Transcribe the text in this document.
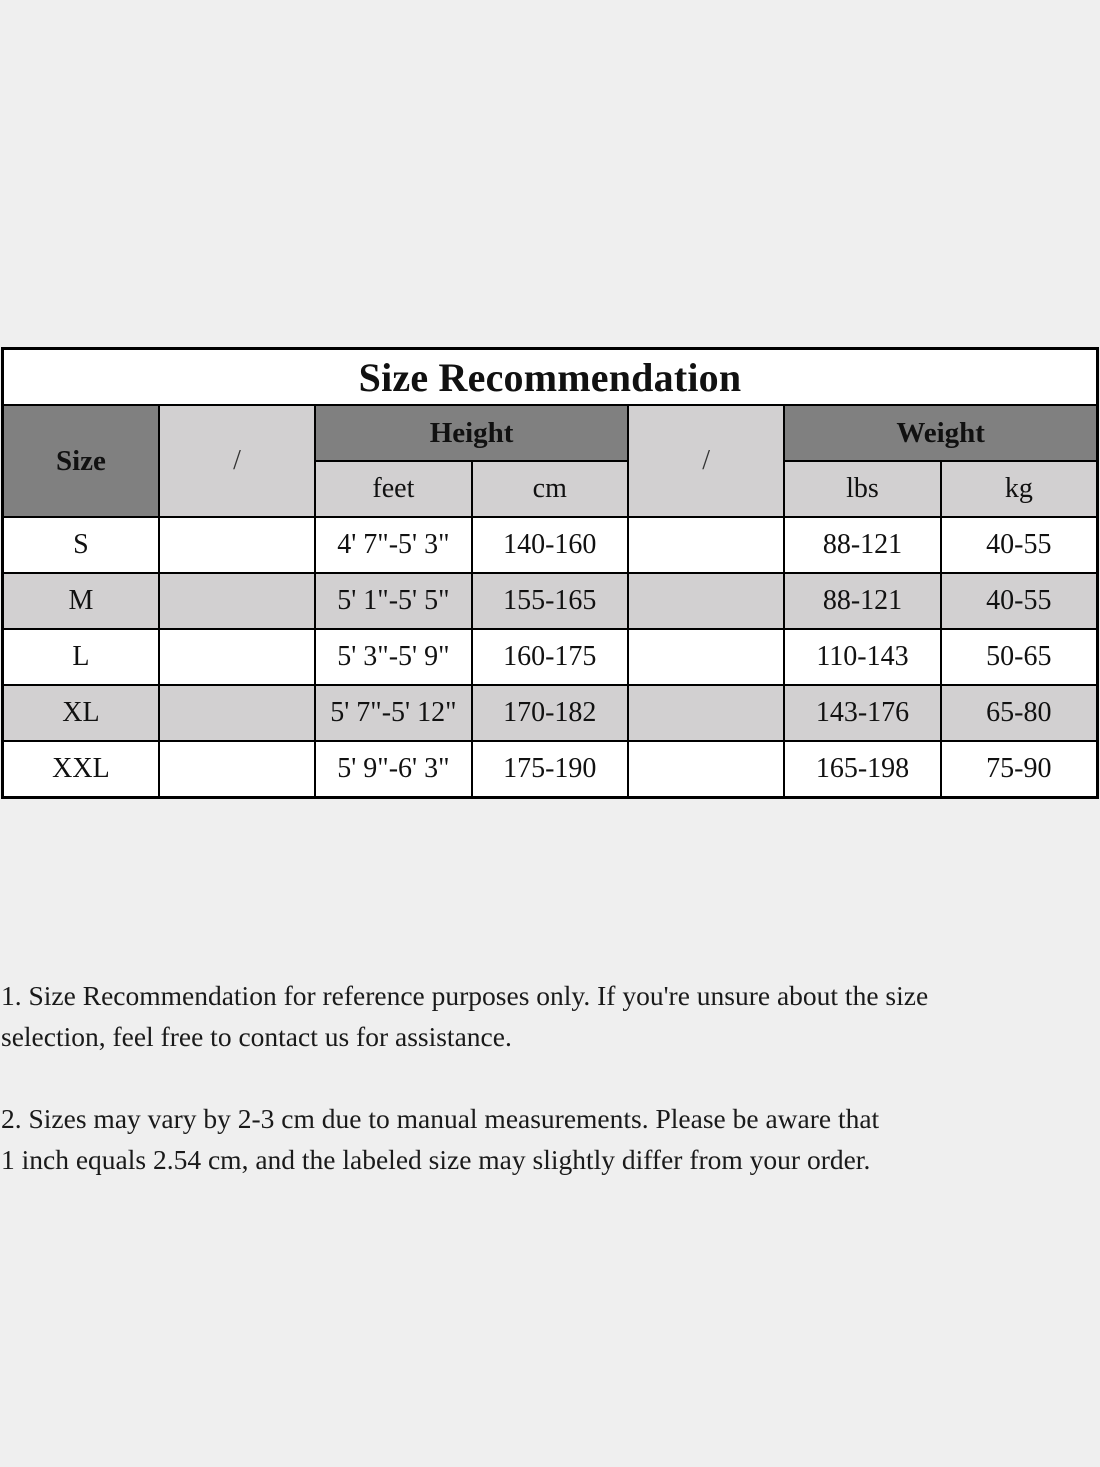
Size Recommendation						
Size	/	Height		/	Weight	
		feet	cm		lbs	kg
S		4' 7"-5' 3"	140-160		88-121	40-55
M		5' 1"-5' 5"	155-165		88-121	40-55
L		5' 3"-5' 9"	160-175		110-143	50-65
XL		5' 7"-5' 12"	170-182		143-176	65-80
XXL		5' 9"-6' 3"	175-190		165-198	75-90

1. Size Recommendation for reference purposes only. If you're unsure about the size
selection, feel free to contact us for assistance.

2. Sizes may vary by 2-3 cm due to manual measurements. Please be aware that
1 inch equals 2.54 cm, and the labeled size may slightly differ from your order.
